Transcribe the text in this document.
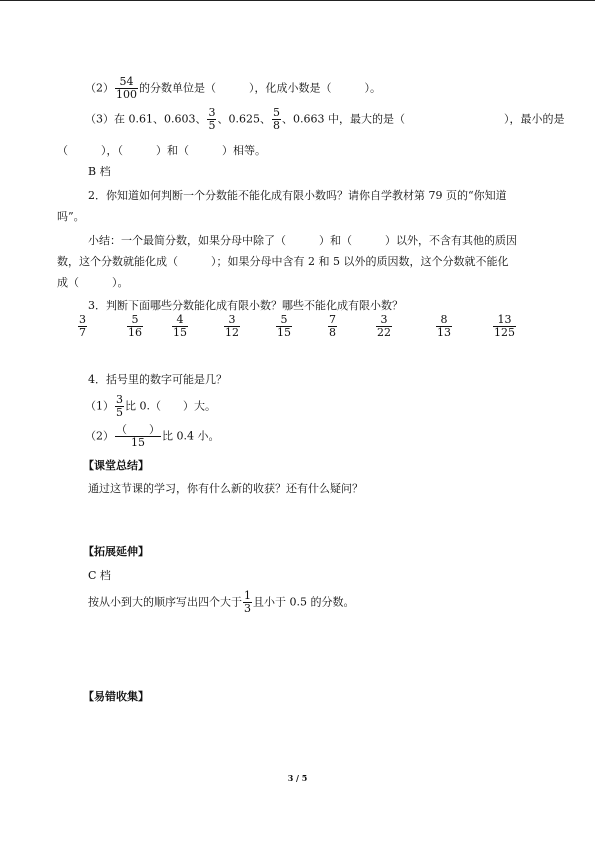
$(2) \frac{54}{100}$ 的分数单位是（　　　），化成小数是（　　　）。
（3）在 0.61、0.603、 $\frac{3}{5}$ 、0.625、 $\frac{5}{8}$ 、0.663 中，最大的是（　　　　　　　　　），最小的是
（　　　），（　　　）和（　　　）相等。
B 档
2．你知道如何判断一个分数能不能化成有限小数吗？请你自学教材第 79 页的“你知道
吗”。
小结：一个最简分数，如果分母中除了（　　　）和（　　　）以外，不含有其他的质因
数，这个分数就能化成（　　　）；如果分母中含有 2 和 5 以外的质因数，这个分数就不能化
成（　　　）。
3．判断下面哪些分数能化成有限小数？哪些不能化成有限小数？
$\frac{3}{7}$	$\frac{5}{16}$	$\frac{4}{15}$	$\frac{3}{12}$	$\frac{5}{15}$	$\frac{7}{8}$	$\frac{3}{22}$	$\frac{8}{13}$	$\frac{13}{125}$
4．括号里的数字可能是几？
$(1) \frac{3}{5}$ 比 0.（　　）大。
$(2) \frac{( )}{15}$ 比 0.4 小。
【课堂总结】
通过这节课的学习，你有什么新的收获？还有什么疑问？
【拓展延伸】
C 档
按从小到大的顺序写出四个大于 $\frac{1}{3}$ 且小于 0.5 的分数。
【易错收集】
3 / 5
